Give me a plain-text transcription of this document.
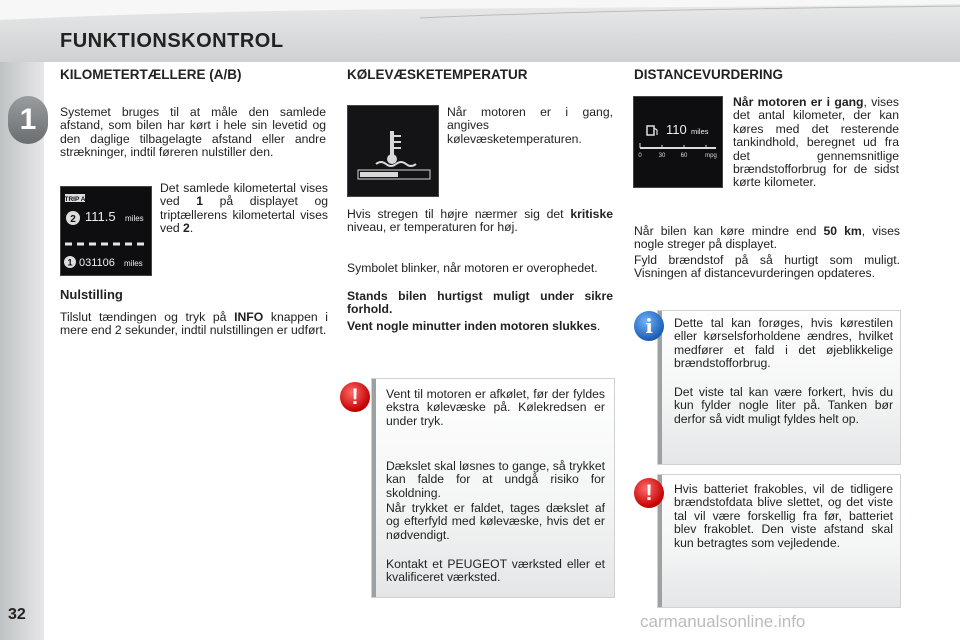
FUNKTIONSKONTROL
1
32
KILOMETERTÆLLERE (A/B)

Systemet bruges til at måle den samlede afstand, som bilen har kørt i hele sin levetid og den daglige tilbagelagte afstand eller andre strækninger, indtil føreren nulstiller den.

TRIP A
2 111.5 miles
1 031106 miles

Det samlede kilometertal vises ved 1 på displayet og triptællerens kilometertal vises ved 2.

Nulstilling

Tilslut tændingen og tryk på INFO knappen i mere end 2 sekunder, indtil nulstillingen er udført.

KØLEVÆSKETEMPERATUR

Når motoren er i gang, angives kølevæsketemperaturen.

Hvis stregen til højre nærmer sig det kritiske niveau, er temperaturen for høj.

Symbolet blinker, når motoren er overophedet.

Stands bilen hurtigst muligt under sikre forhold.

Vent nogle minutter inden motoren slukkes.

!	Vent til motoren er afkølet, før der fyldes ekstra kølevæske på. Kølekredsen er under tryk.

Dækslet skal løsnes to gange, så trykket kan falde for at undgå risiko for skoldning.

Når trykket er faldet, tages dækslet af og efterfyld med kølevæske, hvis det er nødvendigt.

Kontakt et PEUGEOT værksted eller et kvalificeret værksted.

DISTANCEVURDERING
110 miles
0	30	60	mpg

Når motoren er i gang, vises det antal kilometer, der kan køres med det resterende tankindhold, beregnet ud fra det gennemsnitlige brændstofforbrug for de sidst kørte kilometer.

Når bilen kan køre mindre end 50 km, vises nogle streger på displayet.

Fyld brændstof på så hurtigt som muligt. Visningen af distancevurderingen opdateres.

i	Dette tal kan forøges, hvis kørestilen eller kørselsforholdene ændres, hvilket medfører et fald i det øjeblikkelige brændstofforbrug.

Det viste tal kan være forkert, hvis du kun fylder nogle liter på. Tanken bør derfor så vidt muligt fyldes helt op.

!	Hvis batteriet frakobles, vil de tidligere brændstofdata blive slettet, og det viste tal vil være forskellig fra før, batteriet blev frakoblet. Den viste afstand skal kun betragtes som vejledende.

carmanualsonline.info
